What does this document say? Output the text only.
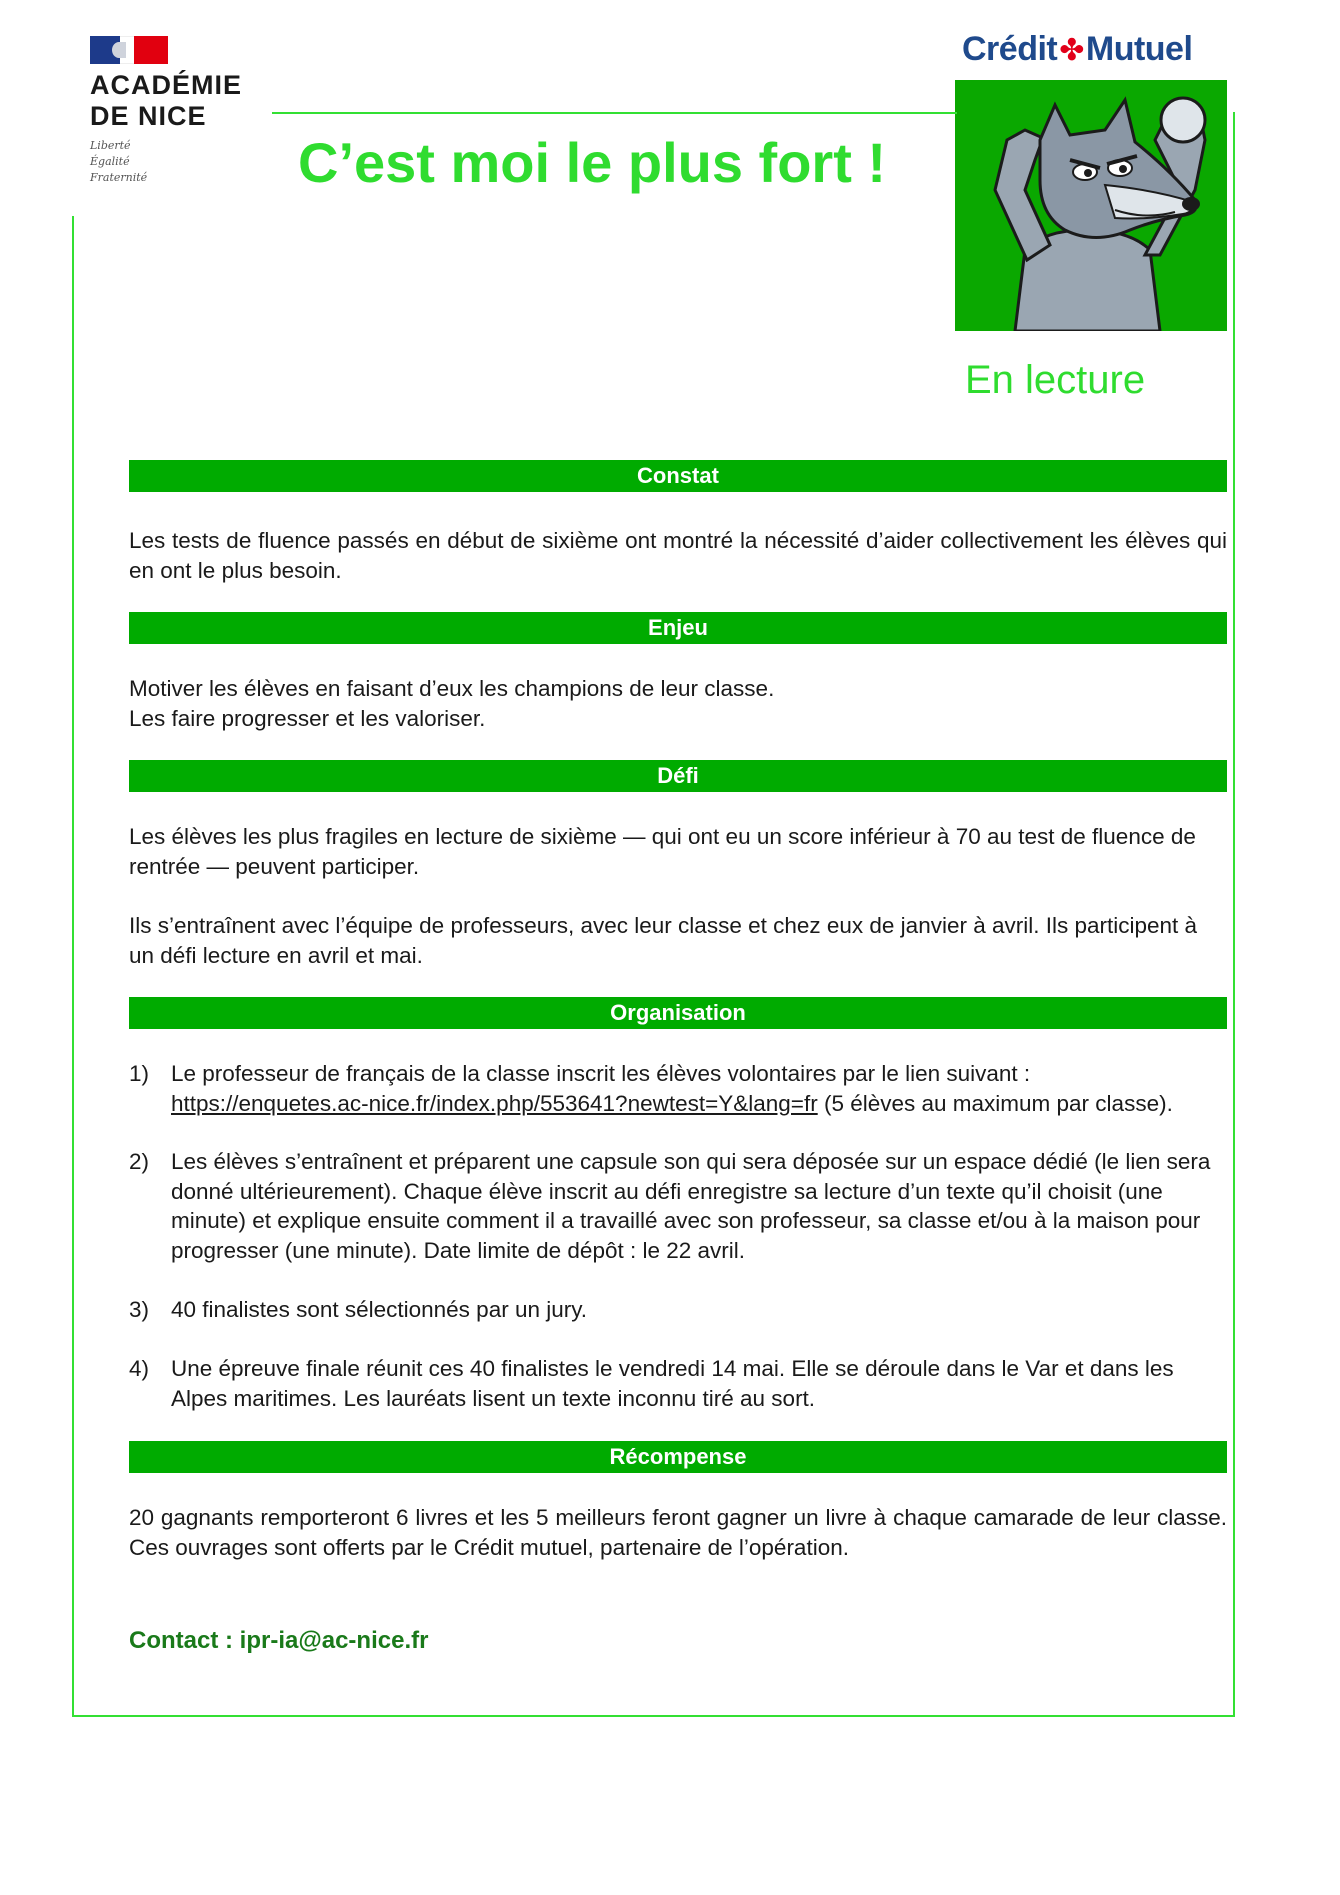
ACADÉMIE
DE NICE
Liberté
Égalité
Fraternité
Crédit✤Mutuel
C’est moi le plus fort !
En lecture
Constat

Les tests de fluence passés en début de sixième ont montré la nécessité d’aider collectivement les élèves qui en ont le plus besoin.

Enjeu
Motiver les élèves en faisant d’eux les champions de leur classe.
Les faire progresser et les valoriser.
Défi

Les élèves les plus fragiles en lecture de sixième — qui ont eu un score inférieur à 70 au test de fluence de rentrée — peuvent participer.

Ils s’entraînent avec l’équipe de professeurs, avec leur classe et chez eux de janvier à avril. Ils participent à un défi lecture en avril et mai.

Organisation
1) Le professeur de français de la classe inscrit les élèves volontaires par le lien suivant : https://enquetes.ac-nice.fr/index.php/553641?newtest=Y&lang=fr (5 élèves au maximum par classe).
2) Les élèves s’entraînent et préparent une capsule son qui sera déposée sur un espace dédié (le lien sera donné ultérieurement). Chaque élève inscrit au défi enregistre sa lecture d’un texte qu’il choisit (une minute) et explique ensuite comment il a travaillé avec son professeur, sa classe et/ou à la maison pour progresser (une minute). Date limite de dépôt : le 22 avril.
3) 40 finalistes sont sélectionnés par un jury.
4) Une épreuve finale réunit ces 40 finalistes le vendredi 14 mai. Elle se déroule dans le Var et dans les Alpes maritimes. Les lauréats lisent un texte inconnu tiré au sort.
Récompense

20 gagnants remporteront 6 livres et les 5 meilleurs feront gagner un livre à chaque camarade de leur classe. Ces ouvrages sont offerts par le Crédit mutuel, partenaire de l’opération.

Contact : ipr-ia@ac-nice.fr
